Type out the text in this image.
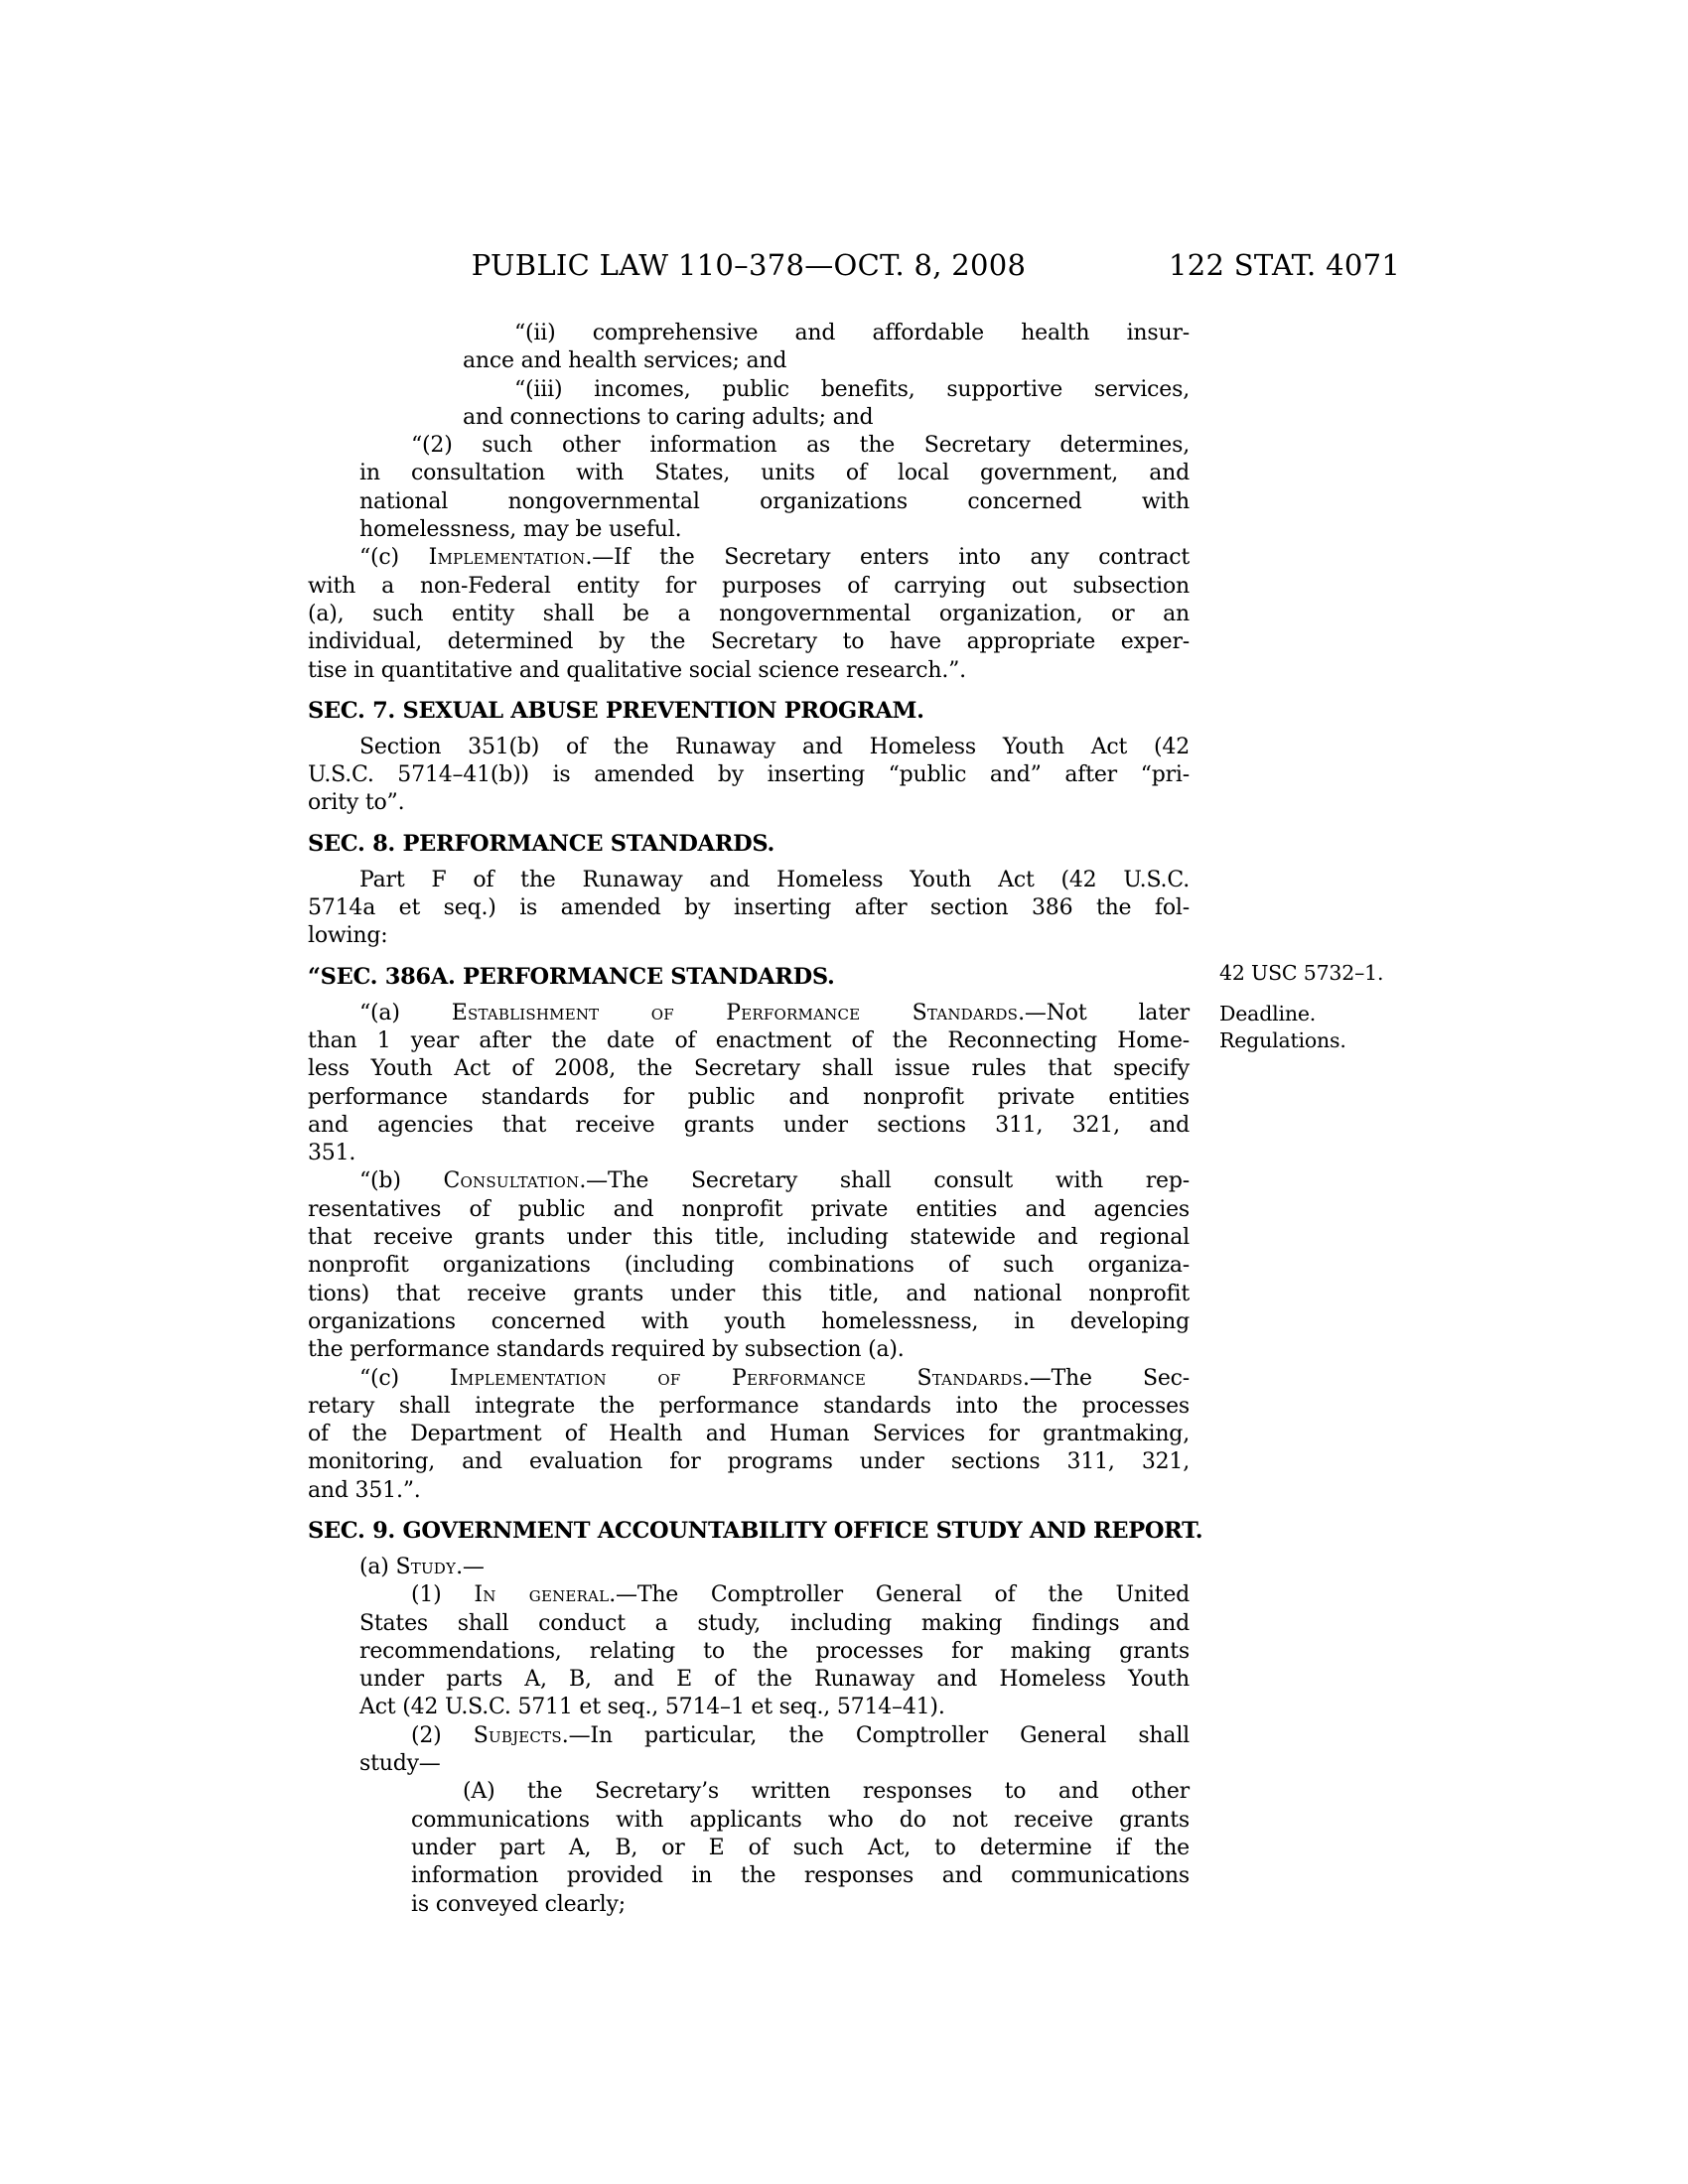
PUBLIC LAW 110–378—OCT. 8, 2008	122 STAT. 4071
“(ii) comprehensive and affordable health insur-
ance and health services; and
“(iii) incomes, public benefits, supportive services,
and connections to caring adults; and
“(2) such other information as the Secretary determines,
in consultation with States, units of local government, and
national nongovernmental organizations concerned with
homelessness, may be useful.
“(c) Implementation.—If the Secretary enters into any contract
with a non-Federal entity for purposes of carrying out subsection
(a), such entity shall be a nongovernmental organization, or an
individual, determined by the Secretary to have appropriate exper-
tise in quantitative and qualitative social science research.”.
SEC. 7. SEXUAL ABUSE PREVENTION PROGRAM.
Section 351(b) of the Runaway and Homeless Youth Act (42
U.S.C. 5714–41(b)) is amended by inserting “public and” after “pri-
ority to”.
SEC. 8. PERFORMANCE STANDARDS.
Part F of the Runaway and Homeless Youth Act (42 U.S.C.
5714a et seq.) is amended by inserting after section 386 the fol-
lowing:
“SEC. 386A. PERFORMANCE STANDARDS.
“(a) Establishment of Performance Standards.—Not later
than 1 year after the date of enactment of the Reconnecting Home-
less Youth Act of 2008, the Secretary shall issue rules that specify
performance standards for public and nonprofit private entities
and agencies that receive grants under sections 311, 321, and
351.
“(b) Consultation.—The Secretary shall consult with rep-
resentatives of public and nonprofit private entities and agencies
that receive grants under this title, including statewide and regional
nonprofit organizations (including combinations of such organiza-
tions) that receive grants under this title, and national nonprofit
organizations concerned with youth homelessness, in developing
the performance standards required by subsection (a).
“(c) Implementation of Performance Standards.—The Sec-
retary shall integrate the performance standards into the processes
of the Department of Health and Human Services for grantmaking,
monitoring, and evaluation for programs under sections 311, 321,
and 351.”.
SEC. 9. GOVERNMENT ACCOUNTABILITY OFFICE STUDY AND REPORT.
(a) Study.—
(1) In general.—The Comptroller General of the United
States shall conduct a study, including making findings and
recommendations, relating to the processes for making grants
under parts A, B, and E of the Runaway and Homeless Youth
Act (42 U.S.C. 5711 et seq., 5714–1 et seq., 5714–41).
(2) Subjects.—In particular, the Comptroller General shall
study—
(A) the Secretary’s written responses to and other
communications with applicants who do not receive grants
under part A, B, or E of such Act, to determine if the
information provided in the responses and communications
is conveyed clearly;
42 USC 5732–1.
Deadline.
Regulations.
